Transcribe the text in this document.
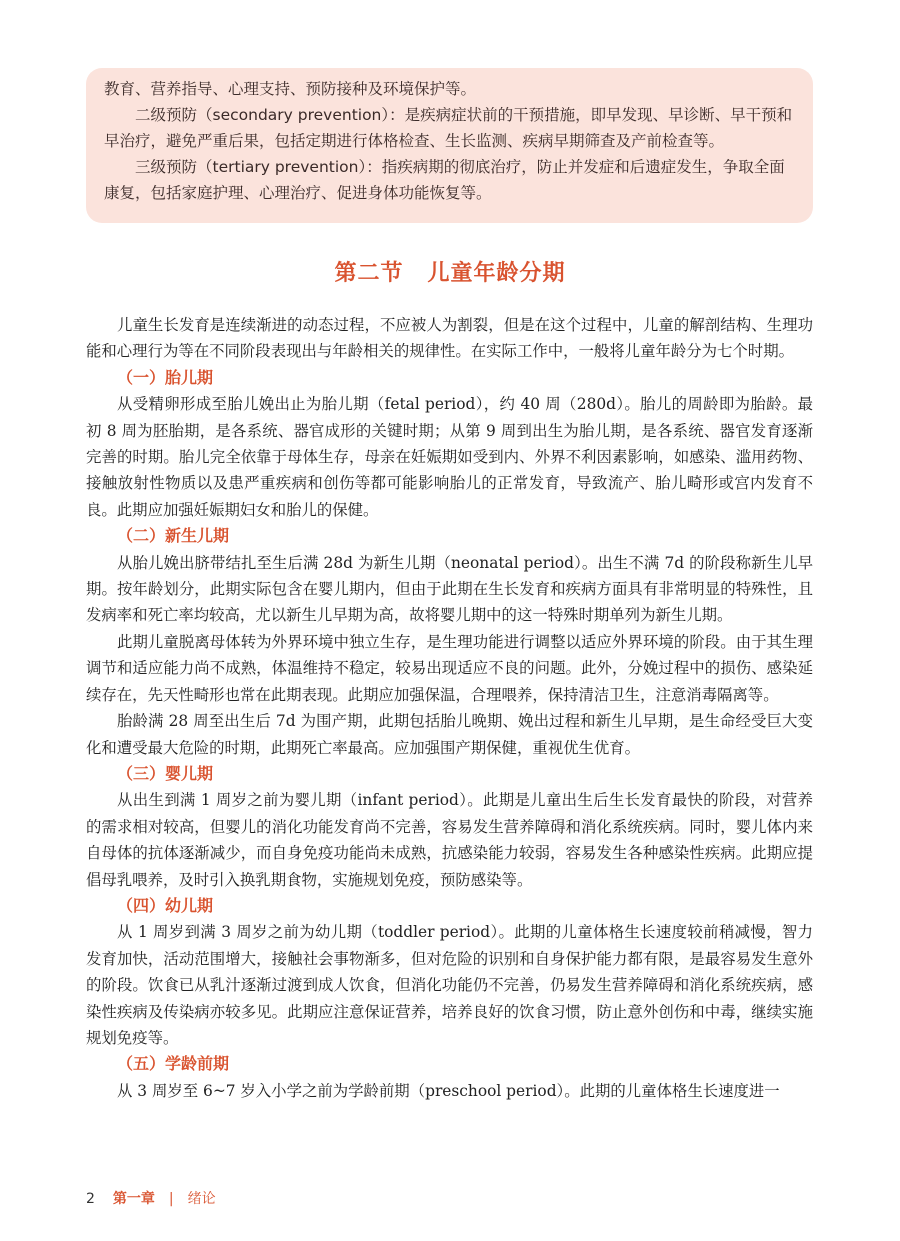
教育、营养指导、心理支持、预防接种及环境保护等。

二级预防（secondary prevention）：是疾病症状前的干预措施，即早发现、早诊断、早干预和早治疗，避免严重后果，包括定期进行体格检查、生长监测、疾病早期筛查及产前检查等。

三级预防（tertiary prevention）：指疾病期的彻底治疗，防止并发症和后遗症发生，争取全面康复，包括家庭护理、心理治疗、促进身体功能恢复等。

第二节 儿童年龄分期

儿童生长发育是连续渐进的动态过程，不应被人为割裂，但是在这个过程中，儿童的解剖结构、生理功能和心理行为等在不同阶段表现出与年龄相关的规律性。在实际工作中，一般将儿童年龄分为七个时期。

（一）胎儿期

从受精卵形成至胎儿娩出止为胎儿期（fetal period），约 40 周（280d）。胎儿的周龄即为胎龄。最初 8 周为胚胎期，是各系统、器官成形的关键时期；从第 9 周到出生为胎儿期，是各系统、器官发育逐渐完善的时期。胎儿完全依靠于母体生存，母亲在妊娠期如受到内、外界不利因素影响，如感染、滥用药物、接触放射性物质以及患严重疾病和创伤等都可能影响胎儿的正常发育，导致流产、胎儿畸形或宫内发育不良。此期应加强妊娠期妇女和胎儿的保健。

（二）新生儿期

从胎儿娩出脐带结扎至生后满 28d 为新生儿期（neonatal period）。出生不满 7d 的阶段称新生儿早期。按年龄划分，此期实际包含在婴儿期内，但由于此期在生长发育和疾病方面具有非常明显的特殊性，且发病率和死亡率均较高，尤以新生儿早期为高，故将婴儿期中的这一特殊时期单列为新生儿期。

此期儿童脱离母体转为外界环境中独立生存，是生理功能进行调整以适应外界环境的阶段。由于其生理调节和适应能力尚不成熟，体温维持不稳定，较易出现适应不良的问题。此外，分娩过程中的损伤、感染延续存在，先天性畸形也常在此期表现。此期应加强保温，合理喂养，保持清洁卫生，注意消毒隔离等。

胎龄满 28 周至出生后 7d 为围产期，此期包括胎儿晚期、娩出过程和新生儿早期，是生命经受巨大变化和遭受最大危险的时期，此期死亡率最高。应加强围产期保健，重视优生优育。

（三）婴儿期

从出生到满 1 周岁之前为婴儿期（infant period）。此期是儿童出生后生长发育最快的阶段，对营养的需求相对较高，但婴儿的消化功能发育尚不完善，容易发生营养障碍和消化系统疾病。同时，婴儿体内来自母体的抗体逐渐减少，而自身免疫功能尚未成熟，抗感染能力较弱，容易发生各种感染性疾病。此期应提倡母乳喂养，及时引入换乳期食物，实施规划免疫，预防感染等。

（四）幼儿期

从 1 周岁到满 3 周岁之前为幼儿期（toddler period）。此期的儿童体格生长速度较前稍减慢，智力发育加快，活动范围增大，接触社会事物渐多，但对危险的识别和自身保护能力都有限，是最容易发生意外的阶段。饮食已从乳汁逐渐过渡到成人饮食，但消化功能仍不完善，仍易发生营养障碍和消化系统疾病，感染性疾病及传染病亦较多见。此期应注意保证营养，培养良好的饮食习惯，防止意外创伤和中毒，继续实施规划免疫等。

（五）学龄前期

从 3 周岁至 6~7 岁入小学之前为学龄前期（preschool period）。此期的儿童体格生长速度进一

2 第一章 | 绪论
